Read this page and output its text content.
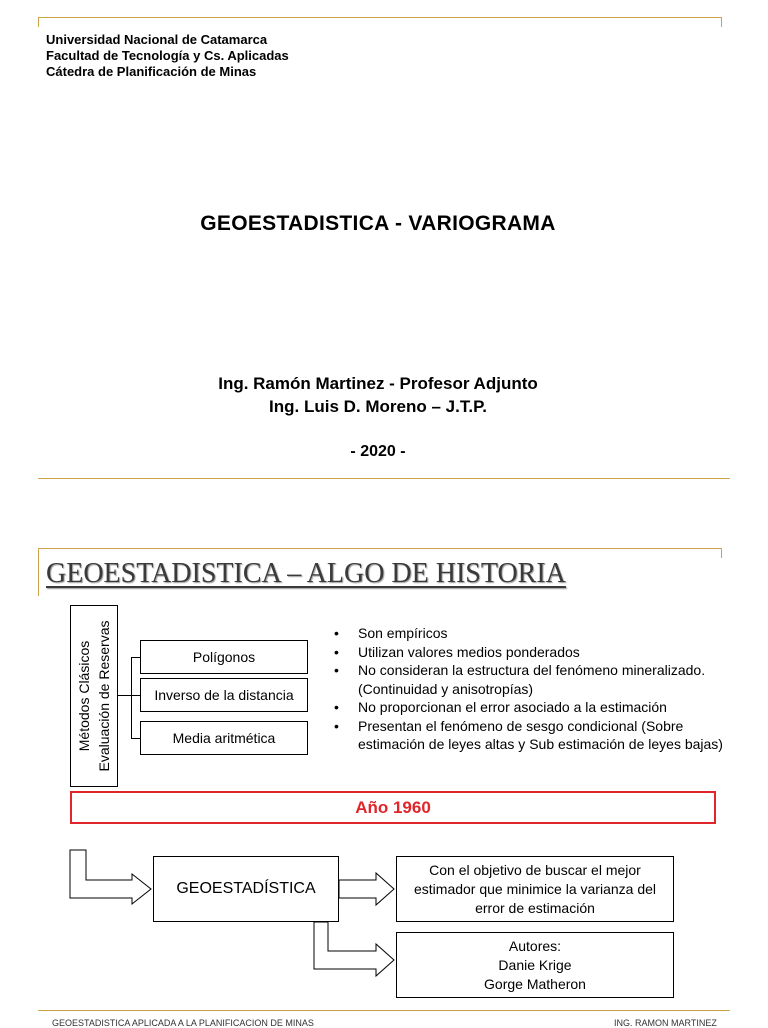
Universidad Nacional de Catamarca
Facultad de Tecnología y Cs. Aplicadas
Cátedra de Planificación de Minas
GEOESTADISTICA - VARIOGRAMA
Ing. Ramón Martinez - Profesor Adjunto
Ing. Luis D. Moreno – J.T.P.
- 2020 -
GEOESTADISTICA – ALGO DE HISTORIA
Métodos Clásicos Evaluación de Reservas	Polígonos
Inverso de la distancia
Media aritmética
• Son empíricos
• Utilizan valores medios ponderados
• No consideran la estructura del fenómeno mineralizado. (Continuidad y anisotropías)
• No proporcionan el error asociado a la estimación
• Presentan el fenómeno de sesgo condicional (Sobre estimación de leyes altas y Sub estimación de leyes bajas)
Año 1960
GEOESTADÍSTICA
Con el objetivo de buscar el mejor estimador que minimice la varianza del error de estimación
Autores:
Danie Krige
Gorge Matheron
GEOESTADISTICA APLICADA A LA PLANIFICACION DE MINAS	ING. RAMON MARTINEZ
